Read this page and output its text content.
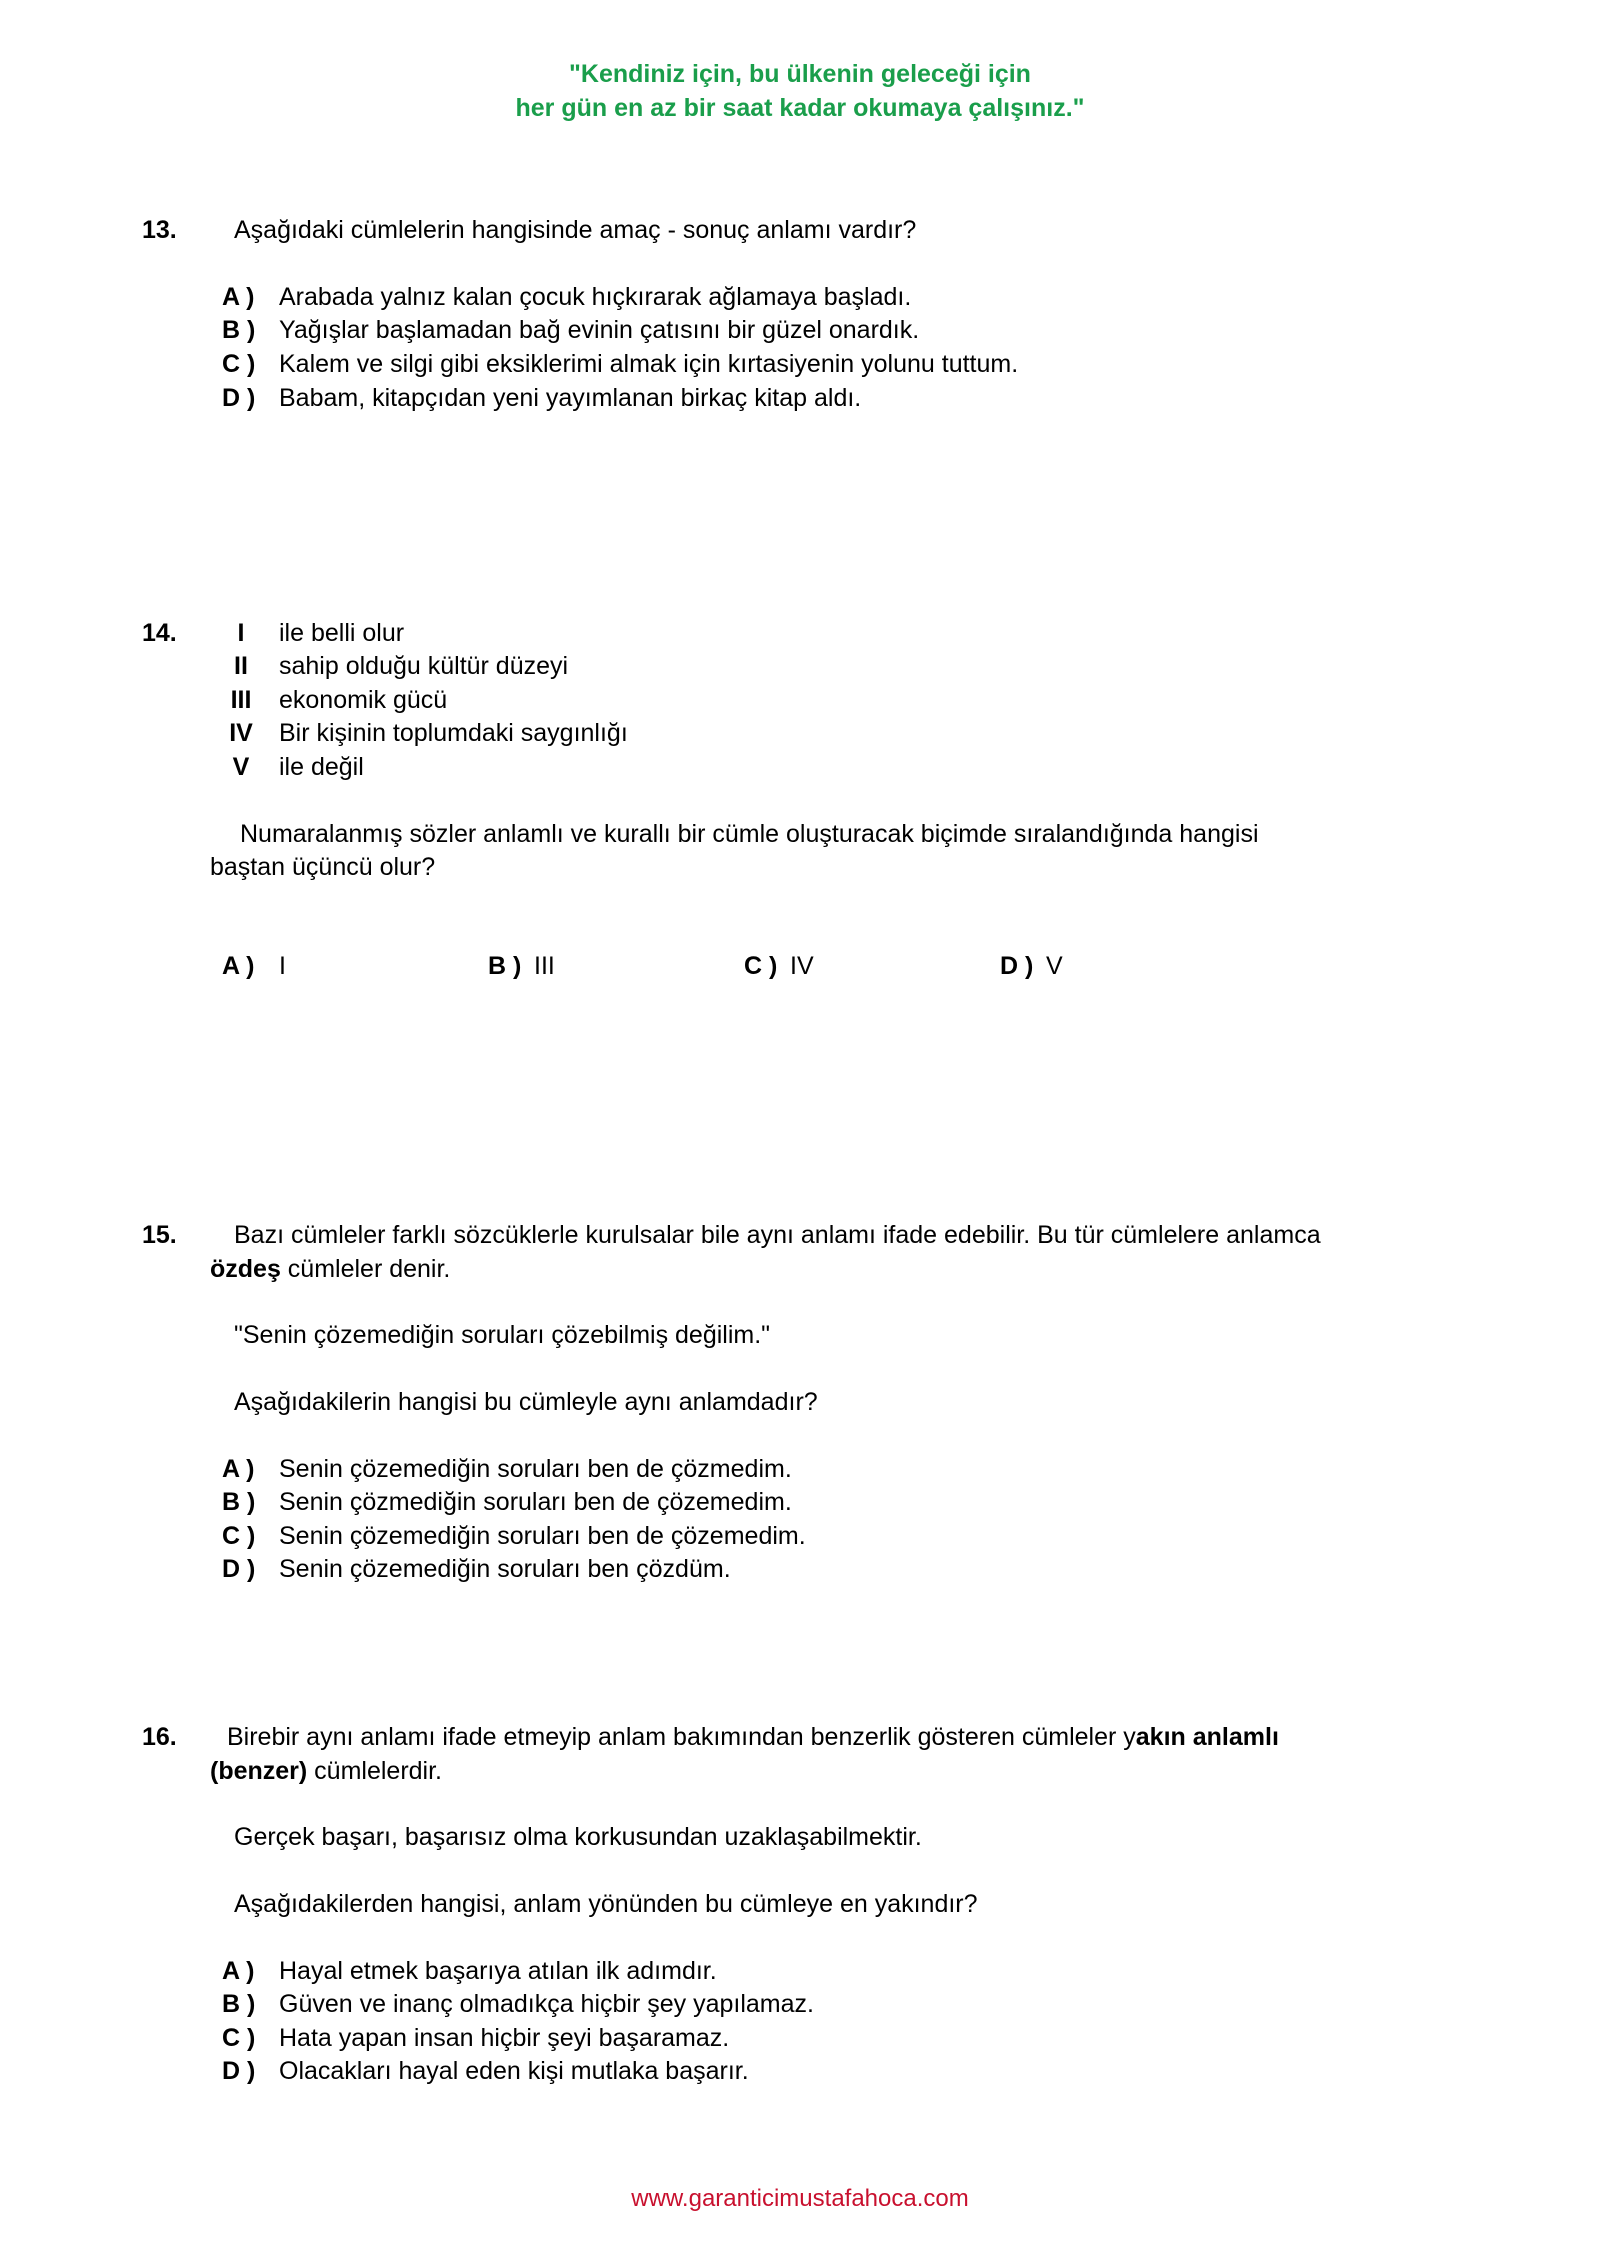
"Kendiniz için, bu ülkenin geleceği için
her gün en az bir saat kadar okumaya çalışınız."
13. Aşağıdaki cümlelerin hangisinde amaç - sonuç anlamı vardır?
A ) Arabada yalnız kalan çocuk hıçkırarak ağlamaya başladı.
B ) Yağışlar başlamadan bağ evinin çatısını bir güzel onardık.
C ) Kalem ve silgi gibi eksiklerimi almak için kırtasiyenin yolunu tuttum.
D ) Babam, kitapçıdan yeni yayımlanan birkaç kitap aldı.
14.	I	ile belli olur
II	sahip olduğu kültür düzeyi
III ekonomik gücü
IV Bir kişinin toplumdaki saygınlığı
V ile değil
Numaralanmış sözler anlamlı ve kurallı bir cümle oluşturacak biçimde sıralandığında hangisi
baştan üçüncü olur?
A ) I	B ) III	C ) IV	D ) V
15. Bazı cümleler farklı sözcüklerle kurulsalar bile aynı anlamı ifade edebilir. Bu tür cümlelere anlamca
özdeş cümleler denir.
"Senin çözemediğin soruları çözebilmiş değilim."
Aşağıdakilerin hangisi bu cümleyle aynı anlamdadır?
A ) Senin çözemediğin soruları ben de çözmedim.
B ) Senin çözmediğin soruları ben de çözemedim.
C ) Senin çözemediğin soruları ben de çözemedim.
D ) Senin çözemediğin soruları ben çözdüm.
16. Birebir aynı anlamı ifade etmeyip anlam bakımından benzerlik gösteren cümleler yakın anlamlı
(benzer) cümlelerdir.
Gerçek başarı, başarısız olma korkusundan uzaklaşabilmektir.
Aşağıdakilerden hangisi, anlam yönünden bu cümleye en yakındır?
A ) Hayal etmek başarıya atılan ilk adımdır.
B ) Güven ve inanç olmadıkça hiçbir şey yapılamaz.
C ) Hata yapan insan hiçbir şeyi başaramaz.
D ) Olacakları hayal eden kişi mutlaka başarır.
www.garanticimustafahoca.com
